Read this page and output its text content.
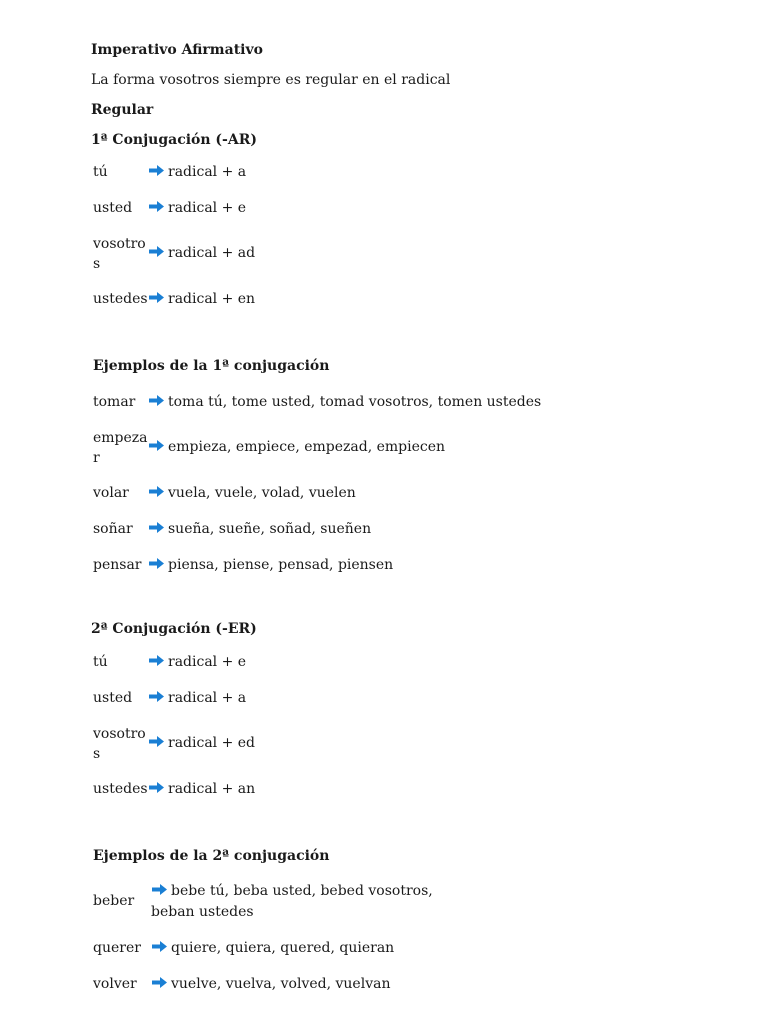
Imperativo Afirmativo
La forma vosotros siempre es regular en el radical
Regular
1ª Conjugación (-AR)
tú	radical + a
usted	radical + e
vosotros	radical + ad
ustedes	radical + en
Ejemplos de la 1ª conjugación
tomar	toma tú, tome usted, tomad vosotros, tomen ustedes
empezar	empieza, empiece, empezad, empiecen
volar	vuela, vuele, volad, vuelen
soñar	sueña, sueñe, soñad, sueñen
pensar	piensa, piense, pensad, piensen
2ª Conjugación (-ER)
tú	radical + e
usted	radical + a
vosotros	radical + ed
ustedes	radical + an
Ejemplos de la 2ª conjugación
beber	bebe tú, beba usted, bebed vosotros, beban ustedes
querer	quiere, quiera, quered, quieran
volver	vuelve, vuelva, volved, vuelvan
